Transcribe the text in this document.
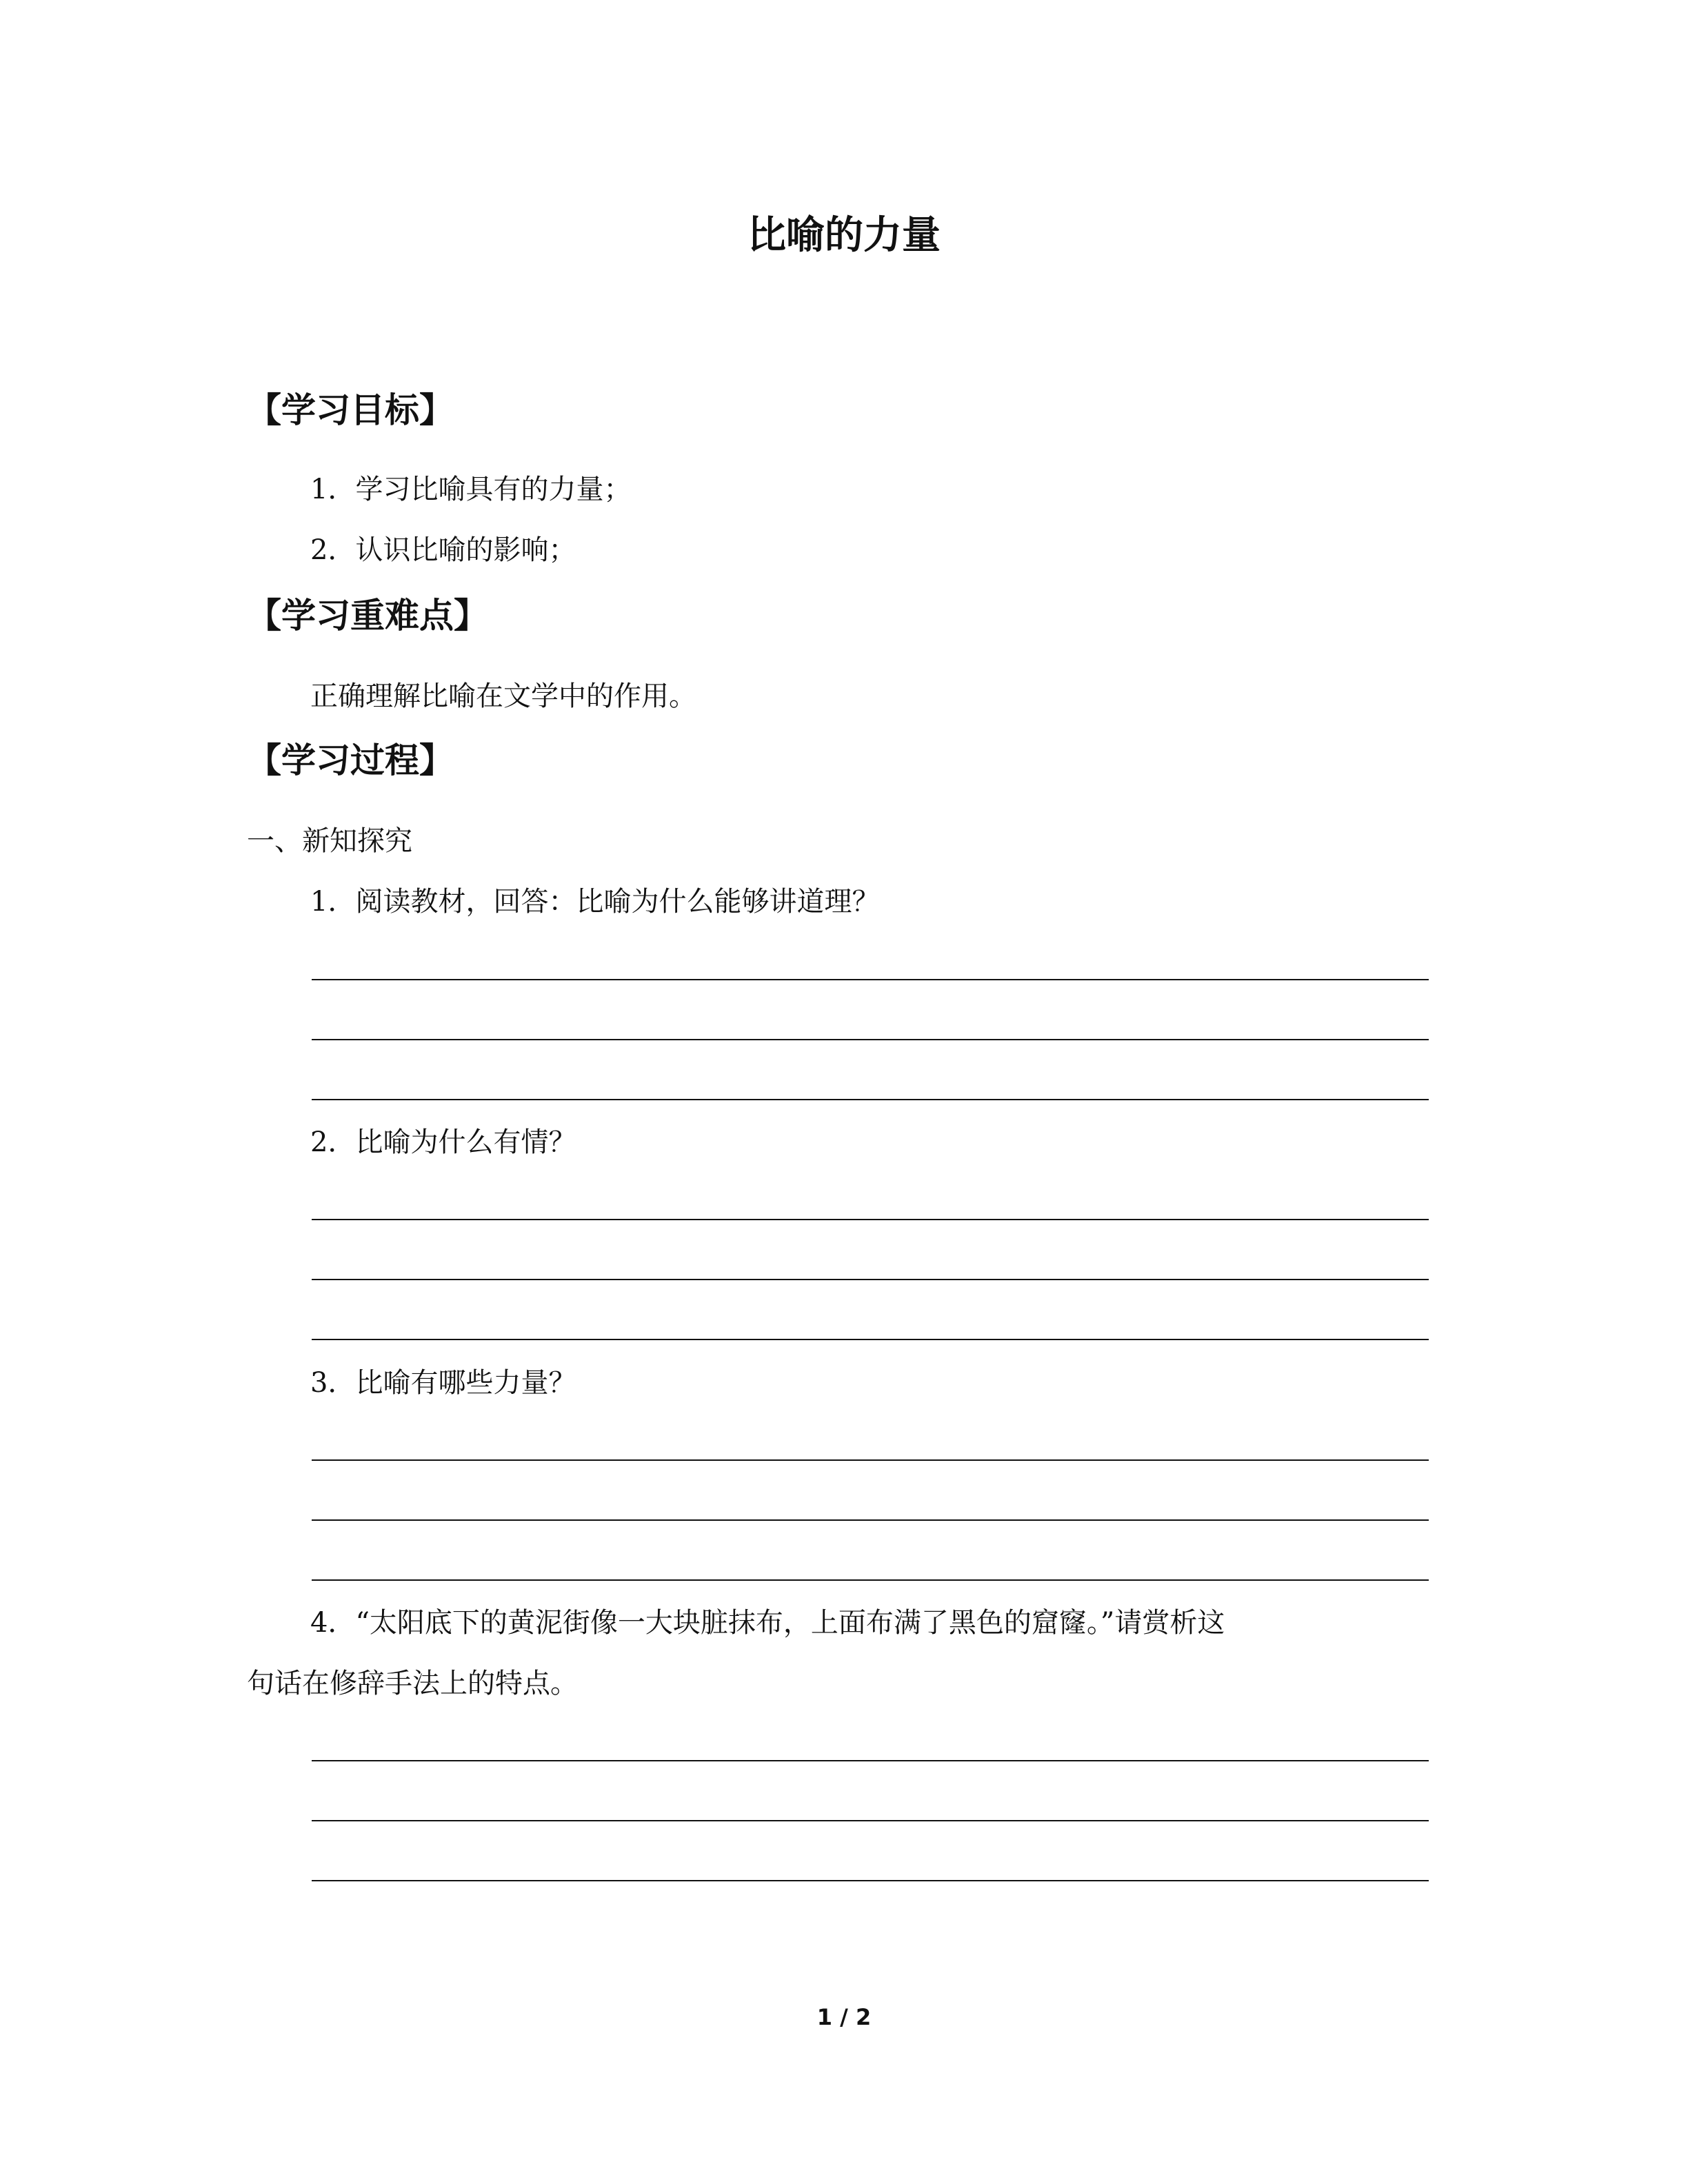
比喻的力量
【学习目标】
1．学习比喻具有的力量；
2．认识比喻的影响；
【学习重难点】
正确理解比喻在文学中的作用。
【学习过程】
一、新知探究
1．阅读教材，回答：比喻为什么能够讲道理？
2．比喻为什么有情？
3．比喻有哪些力量？
4．“太阳底下的黄泥街像一大块脏抹布，上面布满了黑色的窟窿。”请赏析这
句话在修辞手法上的特点。
1 / 2
